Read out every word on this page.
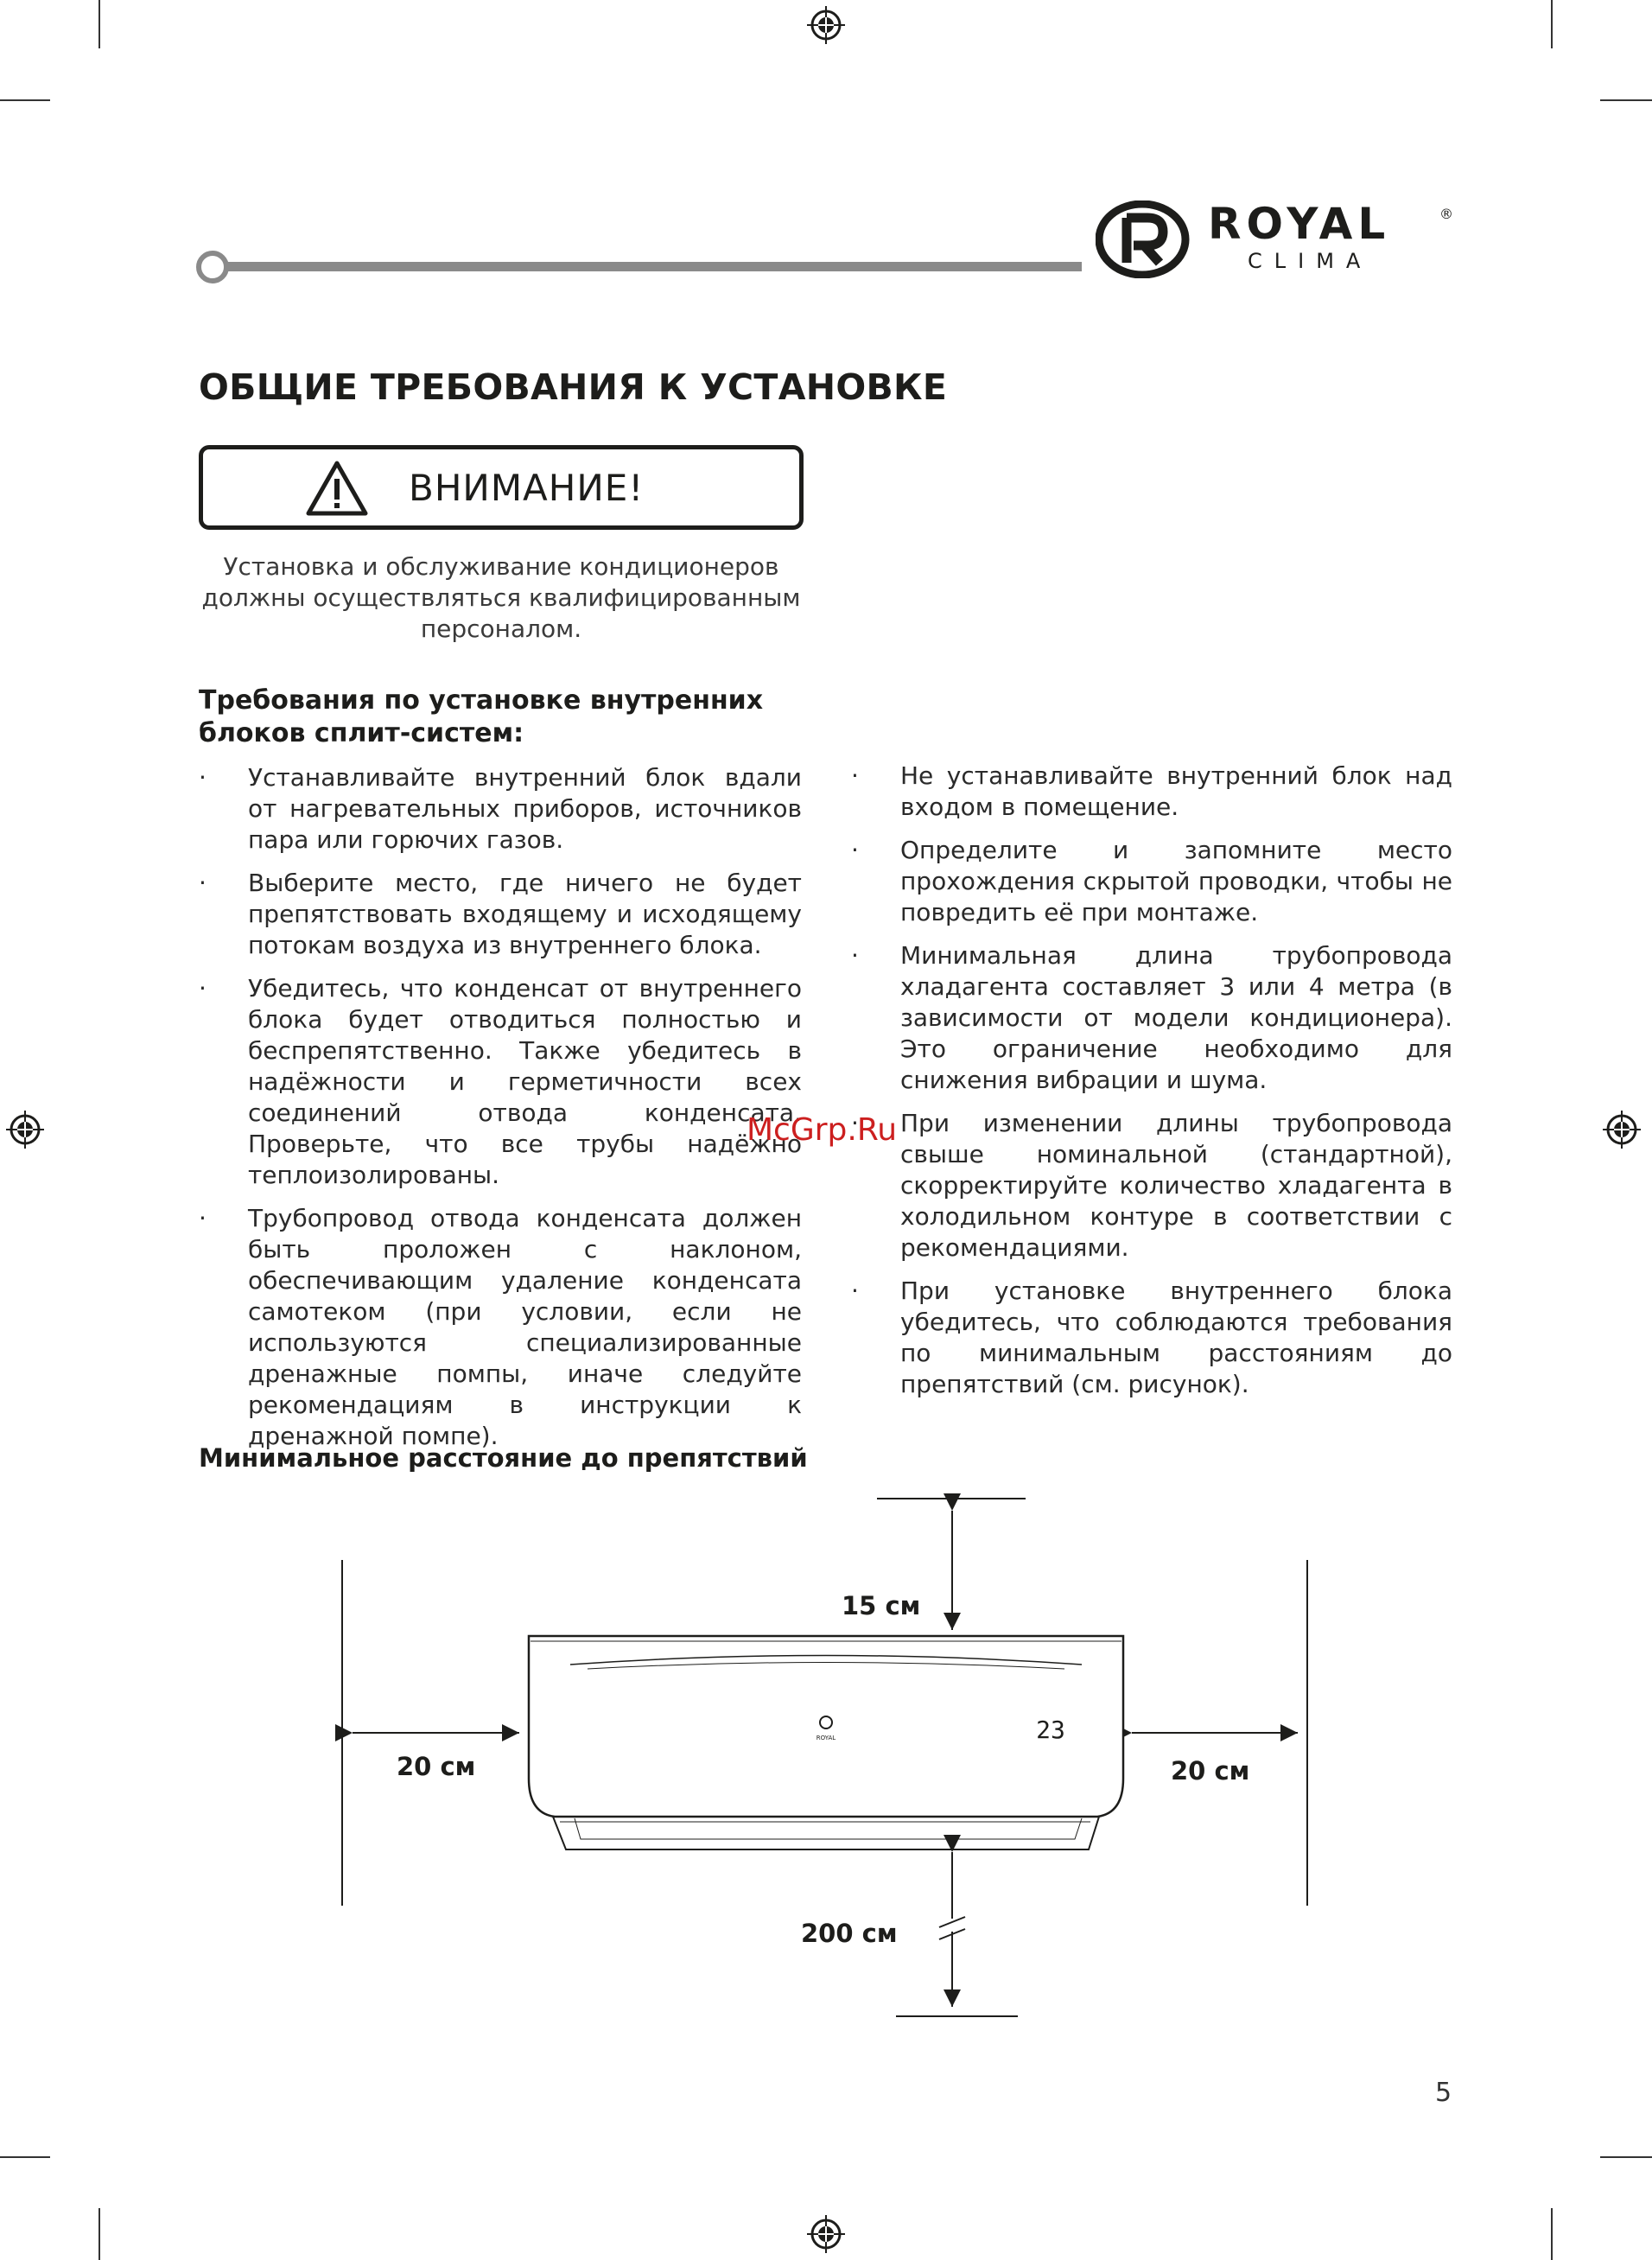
ROYAL	®
CLIMA
ОБЩИЕ ТРЕБОВАНИЯ К УСТАНОВКЕ
ВНИМАНИЕ!
Установка и обслуживание кондиционеров должны осуществляться квалифицированным персоналом.
Требования по установке внутренних блоков сплит-систем:

· Устанавливайте внутренний блок вдали от нагревательных приборов, источников пара или горючих газов.

· Выберите место, где ничего не будет препятствовать входящему и исходящему потокам воздуха из внутреннего блока.

· Убедитесь, что конденсат от внутреннего блока будет отводиться полностью и беспрепятственно. Также убедитесь в надёжности и герметичности всех соединений отвода конденсата. Проверьте, что все трубы надёжно теплоизолированы.

· Трубопровод отвода конденсата должен быть проложен с наклоном, обеспечивающим удаление конденсата самотеком (при условии, если не используются специализированные дренажные помпы, иначе следуйте рекомендациям в инструкции к дренажной помпе).

· Не устанавливайте внутренний блок над входом в помещение.

· Определите и запомните место прохождения скрытой проводки, чтобы не повредить её при монтаже.

· Минимальная длина трубопровода хладагента составляет 3 или 4 метра (в зависимости от модели кондиционера). Это ограничение необходимо для снижения вибрации и шума.

· При изменении длины трубопровода свыше номинальной (стандартной), скорректируйте количество хладагента в холодильном контуре в соответствии с рекомендациями.

· При установке внутреннего блока убедитесь, что соблюдаются требования по минимальным расстояниям до препятствий (см. рисунок).

McGrp.Ru
Минимальное расстояние до препятствий
ROYAL	23
15 см
20 см	20 см
200 см
5
